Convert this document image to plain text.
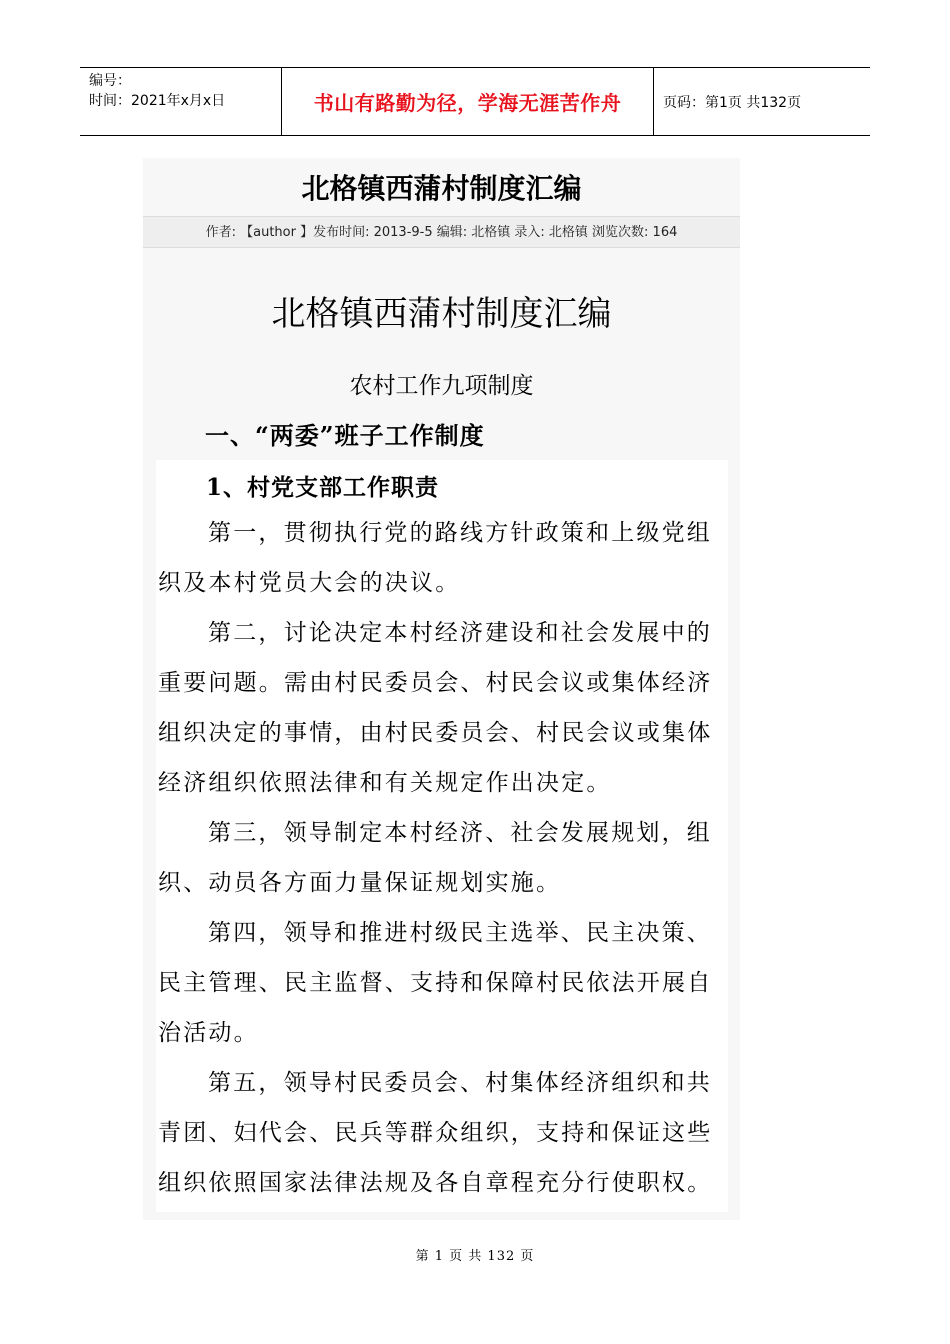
编号：
时间：2021年x月x日	书山有路勤为径，学海无涯苦作舟	页码：第1页 共132页
北格镇西蒲村制度汇编
作者: 【author 】发布时间: 2013-9-5 编辑: 北格镇 录入: 北格镇 浏览次数: 164
北格镇西蒲村制度汇编
农村工作九项制度
一、“两委”班子工作制度
1、村党支部工作职责

第一，贯彻执行党的路线方针政策和上级党组织及本村党员大会的决议。

第二，讨论决定本村经济建设和社会发展中的重要问题。需由村民委员会、村民会议或集体经济组织决定的事情，由村民委员会、村民会议或集体经济组织依照法律和有关规定作出决定。

第三，领导制定本村经济、社会发展规划，组织、动员各方面力量保证规划实施。

第四，领导和推进村级民主选举、民主决策、民主管理、民主监督、支持和保障村民依法开展自治活动。

第五，领导村民委员会、村集体经济组织和共青团、妇代会、民兵等群众组织，支持和保证这些组织依照国家法律法规及各自章程充分行使职权。

第 1 页 共 132 页
